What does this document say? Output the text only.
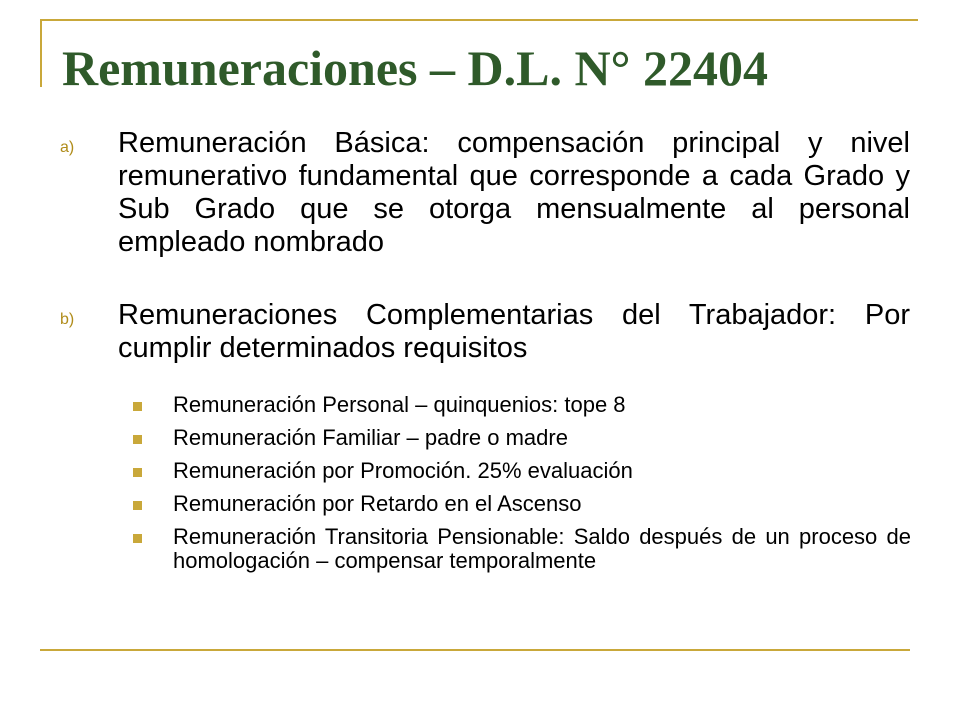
Remuneraciones – D.L. N° 22404
a) Remuneración Básica: compensación principal y nivel remunerativo fundamental que corresponde a cada Grado y Sub Grado que se otorga mensualmente al personal empleado nombrado
b) Remuneraciones Complementarias del Trabajador: Por cumplir determinados requisitos
Remuneración Personal – quinquenios: tope 8
Remuneración Familiar – padre o madre
Remuneración por Promoción. 25% evaluación
Remuneración por Retardo en el Ascenso
Remuneración Transitoria Pensionable: Saldo después de un proceso de homologación – compensar temporalmente
